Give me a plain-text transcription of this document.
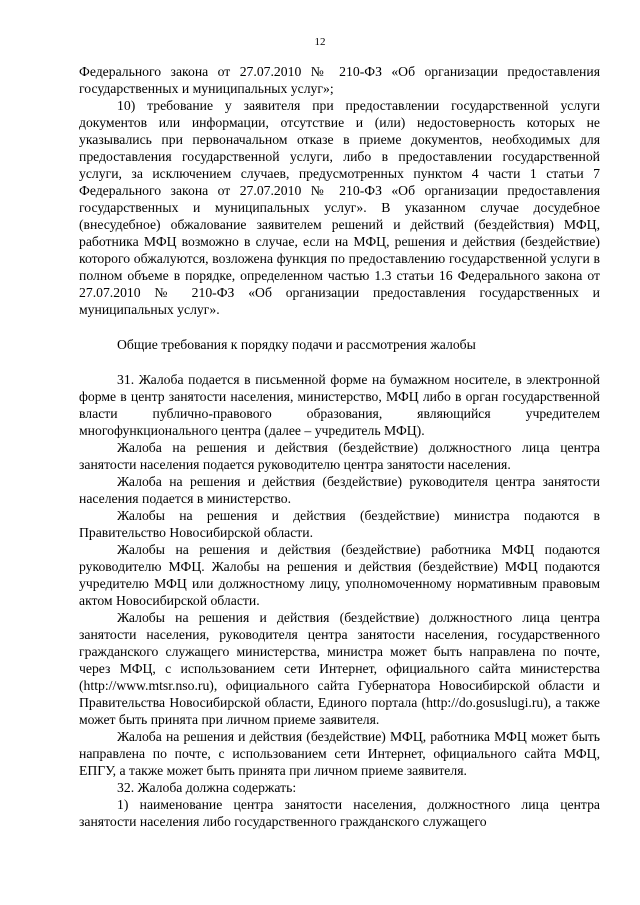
12

Федерального закона от 27.07.2010 № 210-ФЗ «Об организации предоставления государственных и муниципальных услуг»;

10) требование у заявителя при предоставлении государственной услуги документов или информации, отсутствие и (или) недостоверность которых не указывались при первоначальном отказе в приеме документов, необходимых для предоставления государственной услуги, либо в предоставлении государственной услуги, за исключением случаев, предусмотренных пунктом 4 части 1 статьи 7 Федерального закона от 27.07.2010 № 210-ФЗ «Об организации предоставления государственных и муниципальных услуг». В указанном случае досудебное (внесудебное) обжалование заявителем решений и действий (бездействия) МФЦ, работника МФЦ возможно в случае, если на МФЦ, решения и действия (бездействие) которого обжалуются, возложена функция по предоставлению государственной услуги в полном объеме в порядке, определенном частью 1.3 статьи 16 Федерального закона от 27.07.2010 № 210-ФЗ «Об организации предоставления государственных и муниципальных услуг».

Общие требования к порядку подачи и рассмотрения жалобы

31. Жалоба подается в письменной форме на бумажном носителе, в электронной форме в центр занятости населения, министерство, МФЦ либо в орган государственной власти публично-правового образования, являющийся учредителем многофункционального центра (далее – учредитель МФЦ).

Жалоба на решения и действия (бездействие) должностного лица центра занятости населения подается руководителю центра занятости населения.

Жалоба на решения и действия (бездействие) руководителя центра занятости населения подается в министерство.

Жалобы на решения и действия (бездействие) министра подаются в Правительство Новосибирской области.

Жалобы на решения и действия (бездействие) работника МФЦ подаются руководителю МФЦ. Жалобы на решения и действия (бездействие) МФЦ подаются учредителю МФЦ или должностному лицу, уполномоченному нормативным правовым актом Новосибирской области.

Жалобы на решения и действия (бездействие) должностного лица центра занятости населения, руководителя центра занятости населения, государственного гражданского служащего министерства, министра может быть направлена по почте, через МФЦ, с использованием сети Интернет, официального сайта министерства (http://www.mtsr.nso.ru), официального сайта Губернатора Новосибирской области и Правительства Новосибирской области, Единого портала (http://do.gosuslugi.ru), а также может быть принята при личном приеме заявителя.

Жалоба на решения и действия (бездействие) МФЦ, работника МФЦ может быть направлена по почте, с использованием сети Интернет, официального сайта МФЦ, ЕПГУ, а также может быть принята при личном приеме заявителя.

32. Жалоба должна содержать:

1) наименование центра занятости населения, должностного лица центра занятости населения либо государственного гражданского служащего
